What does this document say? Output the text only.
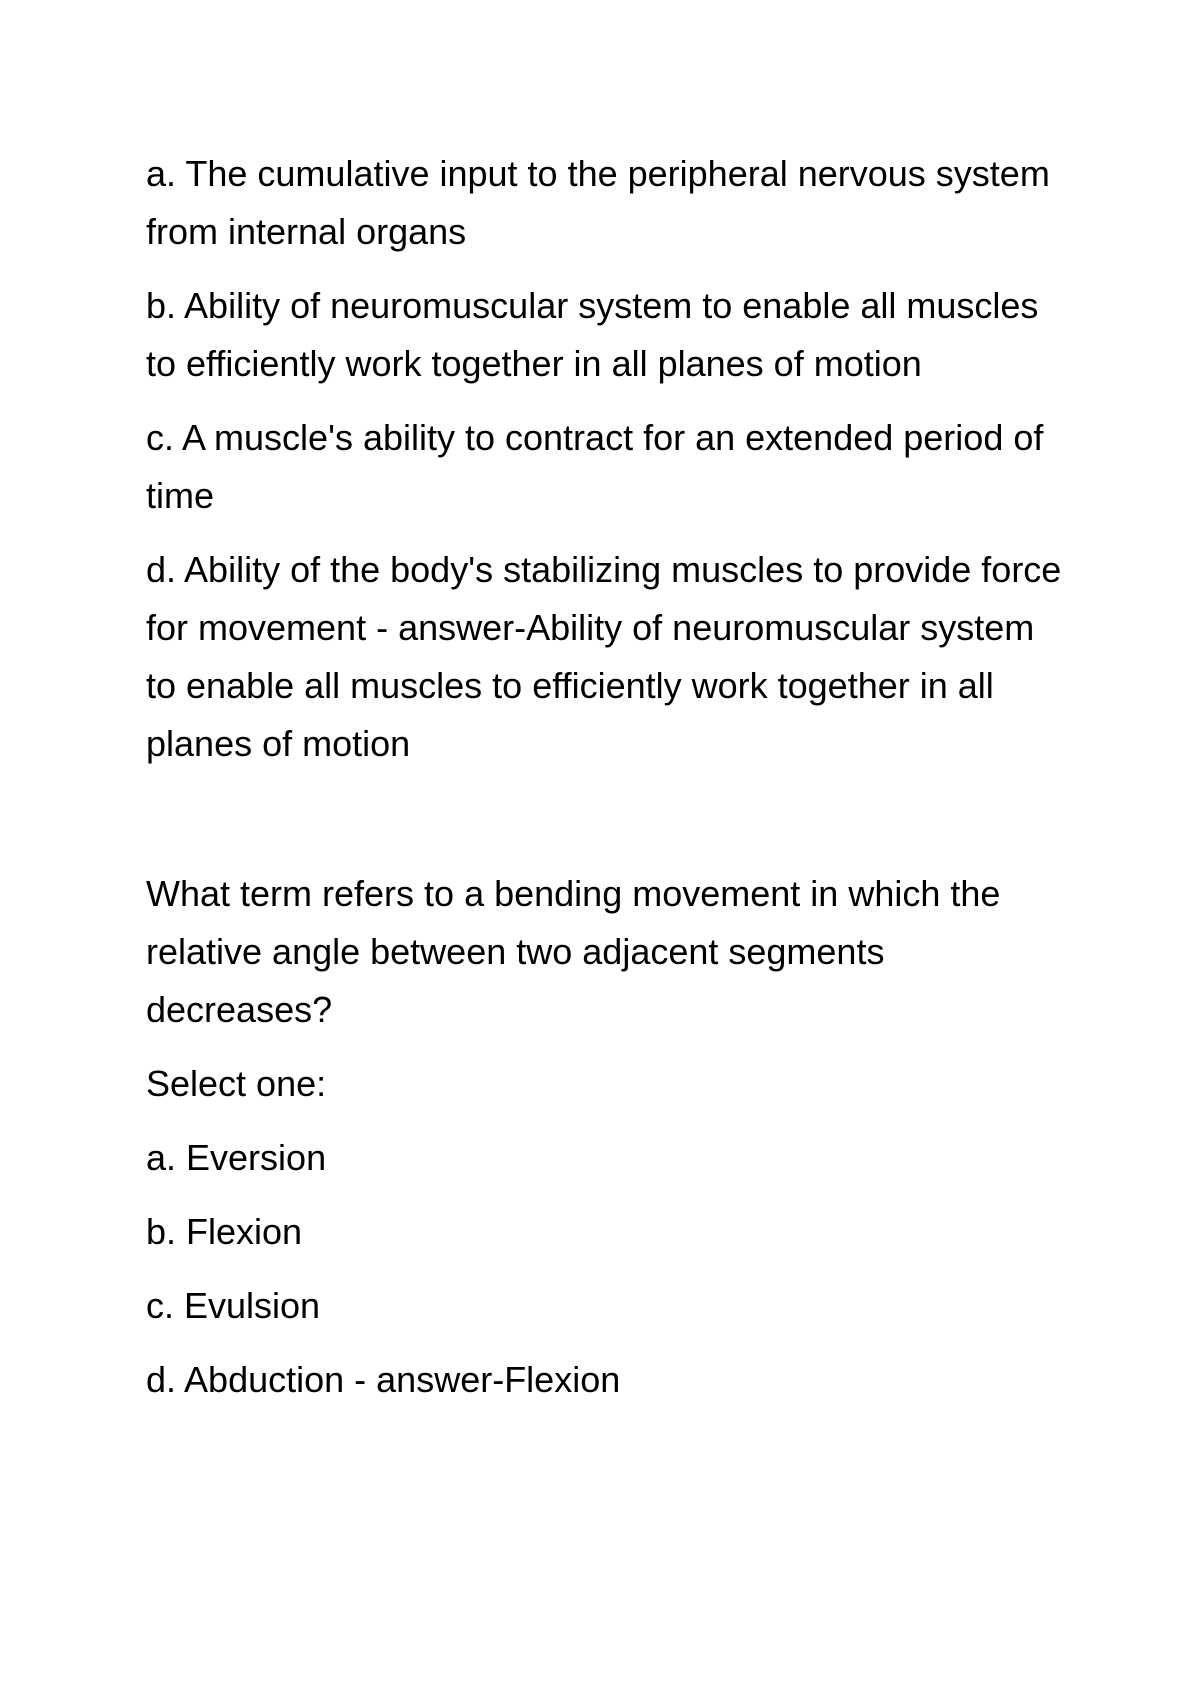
a. The cumulative input to the peripheral nervous system from internal organs

b. Ability of neuromuscular system to enable all muscles to efficiently work together in all planes of motion

c. A muscle's ability to contract for an extended period of time

d. Ability of the body's stabilizing muscles to provide force for movement - answer-Ability of neuromuscular system to enable all muscles to efficiently work together in all planes of motion

What term refers to a bending movement in which the relative angle between two adjacent segments decreases?

Select one:

a. Eversion

b. Flexion

c. Evulsion

d. Abduction - answer-Flexion
